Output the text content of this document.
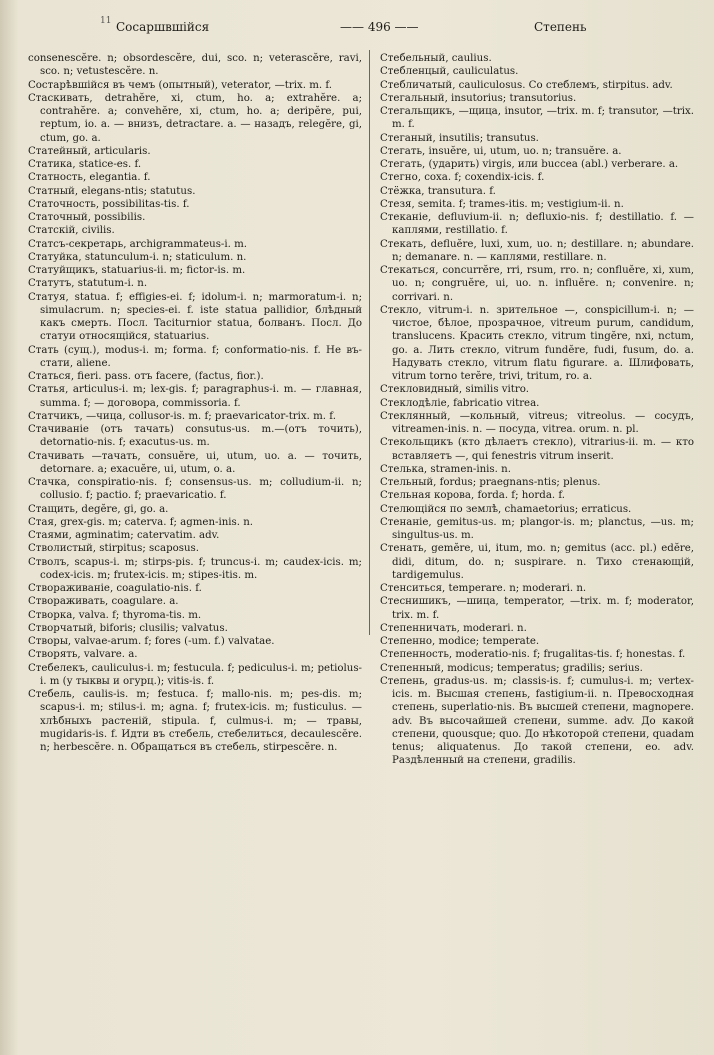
11 Сосаршвшійся	—— 496 ——	Степень

consenescĕre. n; obsordescĕre, dui, sco. n; veterascĕre, ravi, sco. n; vetustescĕre. n.

Состарѣвшійся въ чемъ (опытный), veterator, —trix. m. f.

Стаскивать, detrahĕre, xi, ctum, ho. a; extrahĕre. a; contrahĕre. a; convehĕre, xi, ctum, ho. a; deripĕre, pui, reptum, io. a. — внизъ, detractare. a. — назадъ, relegĕre, gi, ctum, go. a.

Статейный, articularis.

Статика, statice-es. f.

Статность, elegantia. f.

Статный, elegans-ntis; statutus.

Статочность, possibilitas-tis. f.

Статочный, possibilis.

Статскій, civilis.

Статсъ-секретарь, archigrammateus-i. m.

Статуйка, statunculum-i. n; staticulum. n.

Статуйщикъ, statuarius-ii. m; fictor-is. m.

Статутъ, statutum-i. n.

Статуя, statua. f; effigies-ei. f; idolum-i. n; marmoratum-i. n; simulacrum. n; species-ei. f. iste statua pallidior, блѣдный какъ смерть. Посл. Taciturnior statua, болванъ. Посл. До статуи относящійся, statuarius.

Стать (сущ.), modus-i. m; forma. f; conformatio-nis. f. Не въ-стати, aliene.

Статься, fieri. pass. отъ facere, (factus, fior.).

Статья, articulus-i. m; lex-gis. f; paragraphus-i. m. — главная, summa. f; — договора, commissoria. f.

Статчикъ, —чица, collusor-is. m. f; praevaricator-trix. m. f.

Стачиваніе (отъ тачать) consutus-us. m.—(отъ точить), detornatio-nis. f; exacutus-us. m.

Стачивать —тачать, consuĕre, ui, utum, uo. a. — точить, detornare. a; exacuĕre, ui, utum, o. a.

Стачка, conspiratio-nis. f; consensus-us. m; colludium-ii. n; collusio. f; pactio. f; praevaricatio. f.

Стащить, degĕre, gi, go. a.

Стая, grex-gis. m; caterva. f; agmen-inis. n.

Стаями, agminatim; catervatim. adv.

Стволистый, stirpitus; scaposus.

Стволъ, scapus-i. m; stirps-pis. f; truncus-i. m; caudex-icis. m; codex-icis. m; frutex-icis. m; stipes-itis. m.

Створаживаніе, coagulatio-nis. f.

Створаживать, coagulare. a.

Створка, valva. f; thyroma-tis. m.

Створчатый, biforis; clusilis; valvatus.

Створы, valvae-arum. f; fores (-um. f.) valvatae.

Створять, valvare. a.

Стебелекъ, cauliculus-i. m; festucula. f; pediculus-i. m; petiolus-i. m (у тыквы и огурц.); vitis-is. f.

Стебель, caulis-is. m; festuca. f; mallo-nis. m; pes-dis. m; scapus-i. m; stilus-i. m; agna. f; frutex-icis. m; fusticulus. — хлѣбныхъ растеній, stipula. f, culmus-i. m; — травы, mugidaris-is. f. Идти въ стебель, стебелиться, decaulescĕre. n; herbescĕre. n. Обращаться въ стебель, stirpescĕre. n.

Стебельный, caulius.

Стебленцый, cauliculatus.

Стебличатый, cauliculosus. Со стеблемъ, stirpitus. adv.

Стегальный, insutorius; transutorius.

Стегальщикъ, —щица, insutor, —trix. m. f; transutor, —trix. m. f.

Стеганый, insutilis; transutus.

Стегать, insuĕre, ui, utum, uo. n; transuĕre. a.

Стегать, (ударить) virgis, или buccea (abl.) verberare. a.

Стегно, coxa. f; coxendix-icis. f.

Стёжка, transutura. f.

Стезя, semita. f; trames-itis. m; vestigium-ii. n.

Стеканіе, defluvium-ii. n; defluxio-nis. f; destillatio. f. — каплями, restillatio. f.

Стекать, defluĕre, luxi, xum, uo. n; destillare. n; abundare. n; demanare. n. — каплями, restillare. n.

Стекаться, concurrĕre, rri, rsum, rro. n; confluĕre, xi, xum, uo. n; congruĕre, ui, uo. n. influĕre. n; convenire. n; corrivari. n.

Стекло, vitrum-i. n. зрительное —, conspicillum-i. n; — чистое, бѣлое, прозрачное, vitreum purum, candidum, translucens. Красить стекло, vitrum tingĕre, nxi, nctum, go. a. Лить стекло, vitrum fundĕre, fudi, fusum, do. a. Надувать стекло, vitrum flatu figurare. a. Шлифовать, vitrum torno terĕre, trivi, tritum, ro. a.

Стекловидный, similis vitro.

Стеклодѣліе, fabricatio vitrea.

Стеклянный, —кольный, vitreus; vitreolus. — сосудъ, vitreamen-inis. n. — посуда, vitrea. orum. n. pl.

Стекольщикъ (кто дѣлаетъ стекло), vitrarius-ii. m. — кто вставляетъ —, qui fenestris vitrum inserit.

Стелька, stramen-inis. n.

Стельный, fordus; praegnans-ntis; plenus.

Стельная корова, forda. f; horda. f.

Стелющійся по землѣ, chamaetorius; erraticus.

Стенаніе, gemitus-us. m; plangor-is. m; planctus, —us. m; singultus-us. m.

Стенать, gemĕre, ui, itum, mo. n; gemitus (acc. pl.) edĕre, didi, ditum, do. n; suspirare. n. Тихо стенающій, tardigemulus.

Стенситься, temperare. n; moderari. n.

Стеснишикъ, —шица, temperator, —trix. m. f; moderator, trix. m. f.

Степенничать, moderari. n.

Степенно, modice; temperate.

Степенность, moderatio-nis. f; frugalitas-tis. f; honestas. f.

Степенный, modicus; temperatus; gradilis; serius.

Степень, gradus-us. m; classis-is. f; cumulus-i. m; vertex-icis. m. Высшая степень, fastigium-ii. n. Превосходная степень, superlatio-nis. Въ высшей степени, magnopere. adv. Въ высочайшей степени, summe. adv. До какой степени, quousque; quo. До нѣкоторой степени, quadam tenus; aliquatenus. До такой степени, eo. adv. Раздѣленный на степени, gradilis.
